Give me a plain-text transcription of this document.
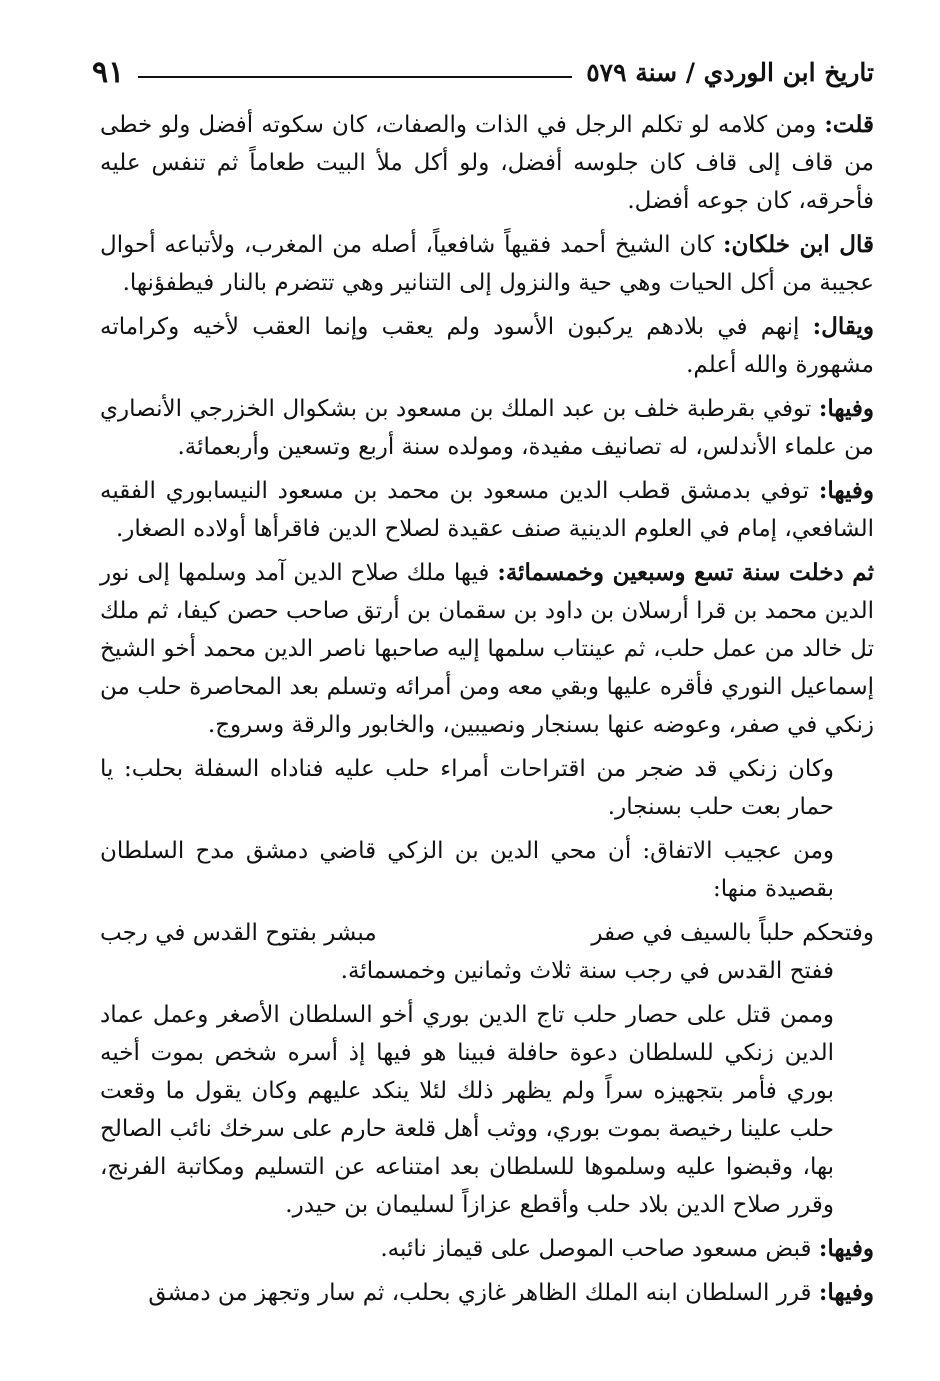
تاريخ ابن الوردي / سنة ٥٧٩
٩١

قلت: ومن كلامه لو تكلم الرجل في الذات والصفات، كان سكوته أفضل ولو خطى من قاف إلى قاف كان جلوسه أفضل، ولو أكل ملأ البيت طعاماً ثم تنفس عليه فأحرقه، كان جوعه أفضل.

قال ابن خلكان: كان الشيخ أحمد فقيهاً شافعياً، أصله من المغرب، ولأتباعه أحوال عجيبة من أكل الحيات وهي حية والنزول إلى التنانير وهي تتضرم بالنار فيطفؤنها.

ويقال: إنهم في بلادهم يركبون الأسود ولم يعقب وإنما العقب لأخيه وكراماته مشهورة والله أعلم.

وفيها: توفي بقرطبة خلف بن عبد الملك بن مسعود بن بشكوال الخزرجي الأنصاري من علماء الأندلس، له تصانيف مفيدة، ومولده سنة أربع وتسعين وأربعمائة.

وفيها: توفي بدمشق قطب الدين مسعود بن محمد بن مسعود النيسابوري الفقيه الشافعي، إمام في العلوم الدينية صنف عقيدة لصلاح الدين فاقرأها أولاده الصغار.

ثم دخلت سنة تسع وسبعين وخمسمائة: فيها ملك صلاح الدين آمد وسلمها إلى نور الدين محمد بن قرا أرسلان بن داود بن سقمان بن أرتق صاحب حصن كيفا، ثم ملك تل خالد من عمل حلب، ثم عينتاب سلمها إليه صاحبها ناصر الدين محمد أخو الشيخ إسماعيل النوري فأقره عليها وبقي معه ومن أمرائه وتسلم بعد المحاصرة حلب من زنكي في صفر، وعوضه عنها بسنجار ونصيبين، والخابور والرقة وسروج.

وكان زنكي قد ضجر من اقتراحات أمراء حلب عليه فناداه السفلة بحلب: يا حمار بعت حلب بسنجار.

ومن عجيب الاتفاق: أن محي الدين بن الزكي قاضي دمشق مدح السلطان بقصيدة منها:

وفتحكم حلباً بالسيف في صفر
مبشر بفتوح القدس في رجب

ففتح القدس في رجب سنة ثلاث وثمانين وخمسمائة.

وممن قتل على حصار حلب تاج الدين بوري أخو السلطان الأصغر وعمل عماد الدين زنكي للسلطان دعوة حافلة فبينا هو فيها إذ أسره شخص بموت أخيه بوري فأمر بتجهيزه سراً ولم يظهر ذلك لئلا ينكد عليهم وكان يقول ما وقعت حلب علينا رخيصة بموت بوري، ووثب أهل قلعة حارم على سرخك نائب الصالح بها، وقبضوا عليه وسلموها للسلطان بعد امتناعه عن التسليم ومكاتبة الفرنج، وقرر صلاح الدين بلاد حلب وأقطع عزازاً لسليمان بن حيدر.

وفيها: قبض مسعود صاحب الموصل على قيماز نائبه.

وفيها: قرر السلطان ابنه الملك الظاهر غازي بحلب، ثم سار وتجهز من دمشق
